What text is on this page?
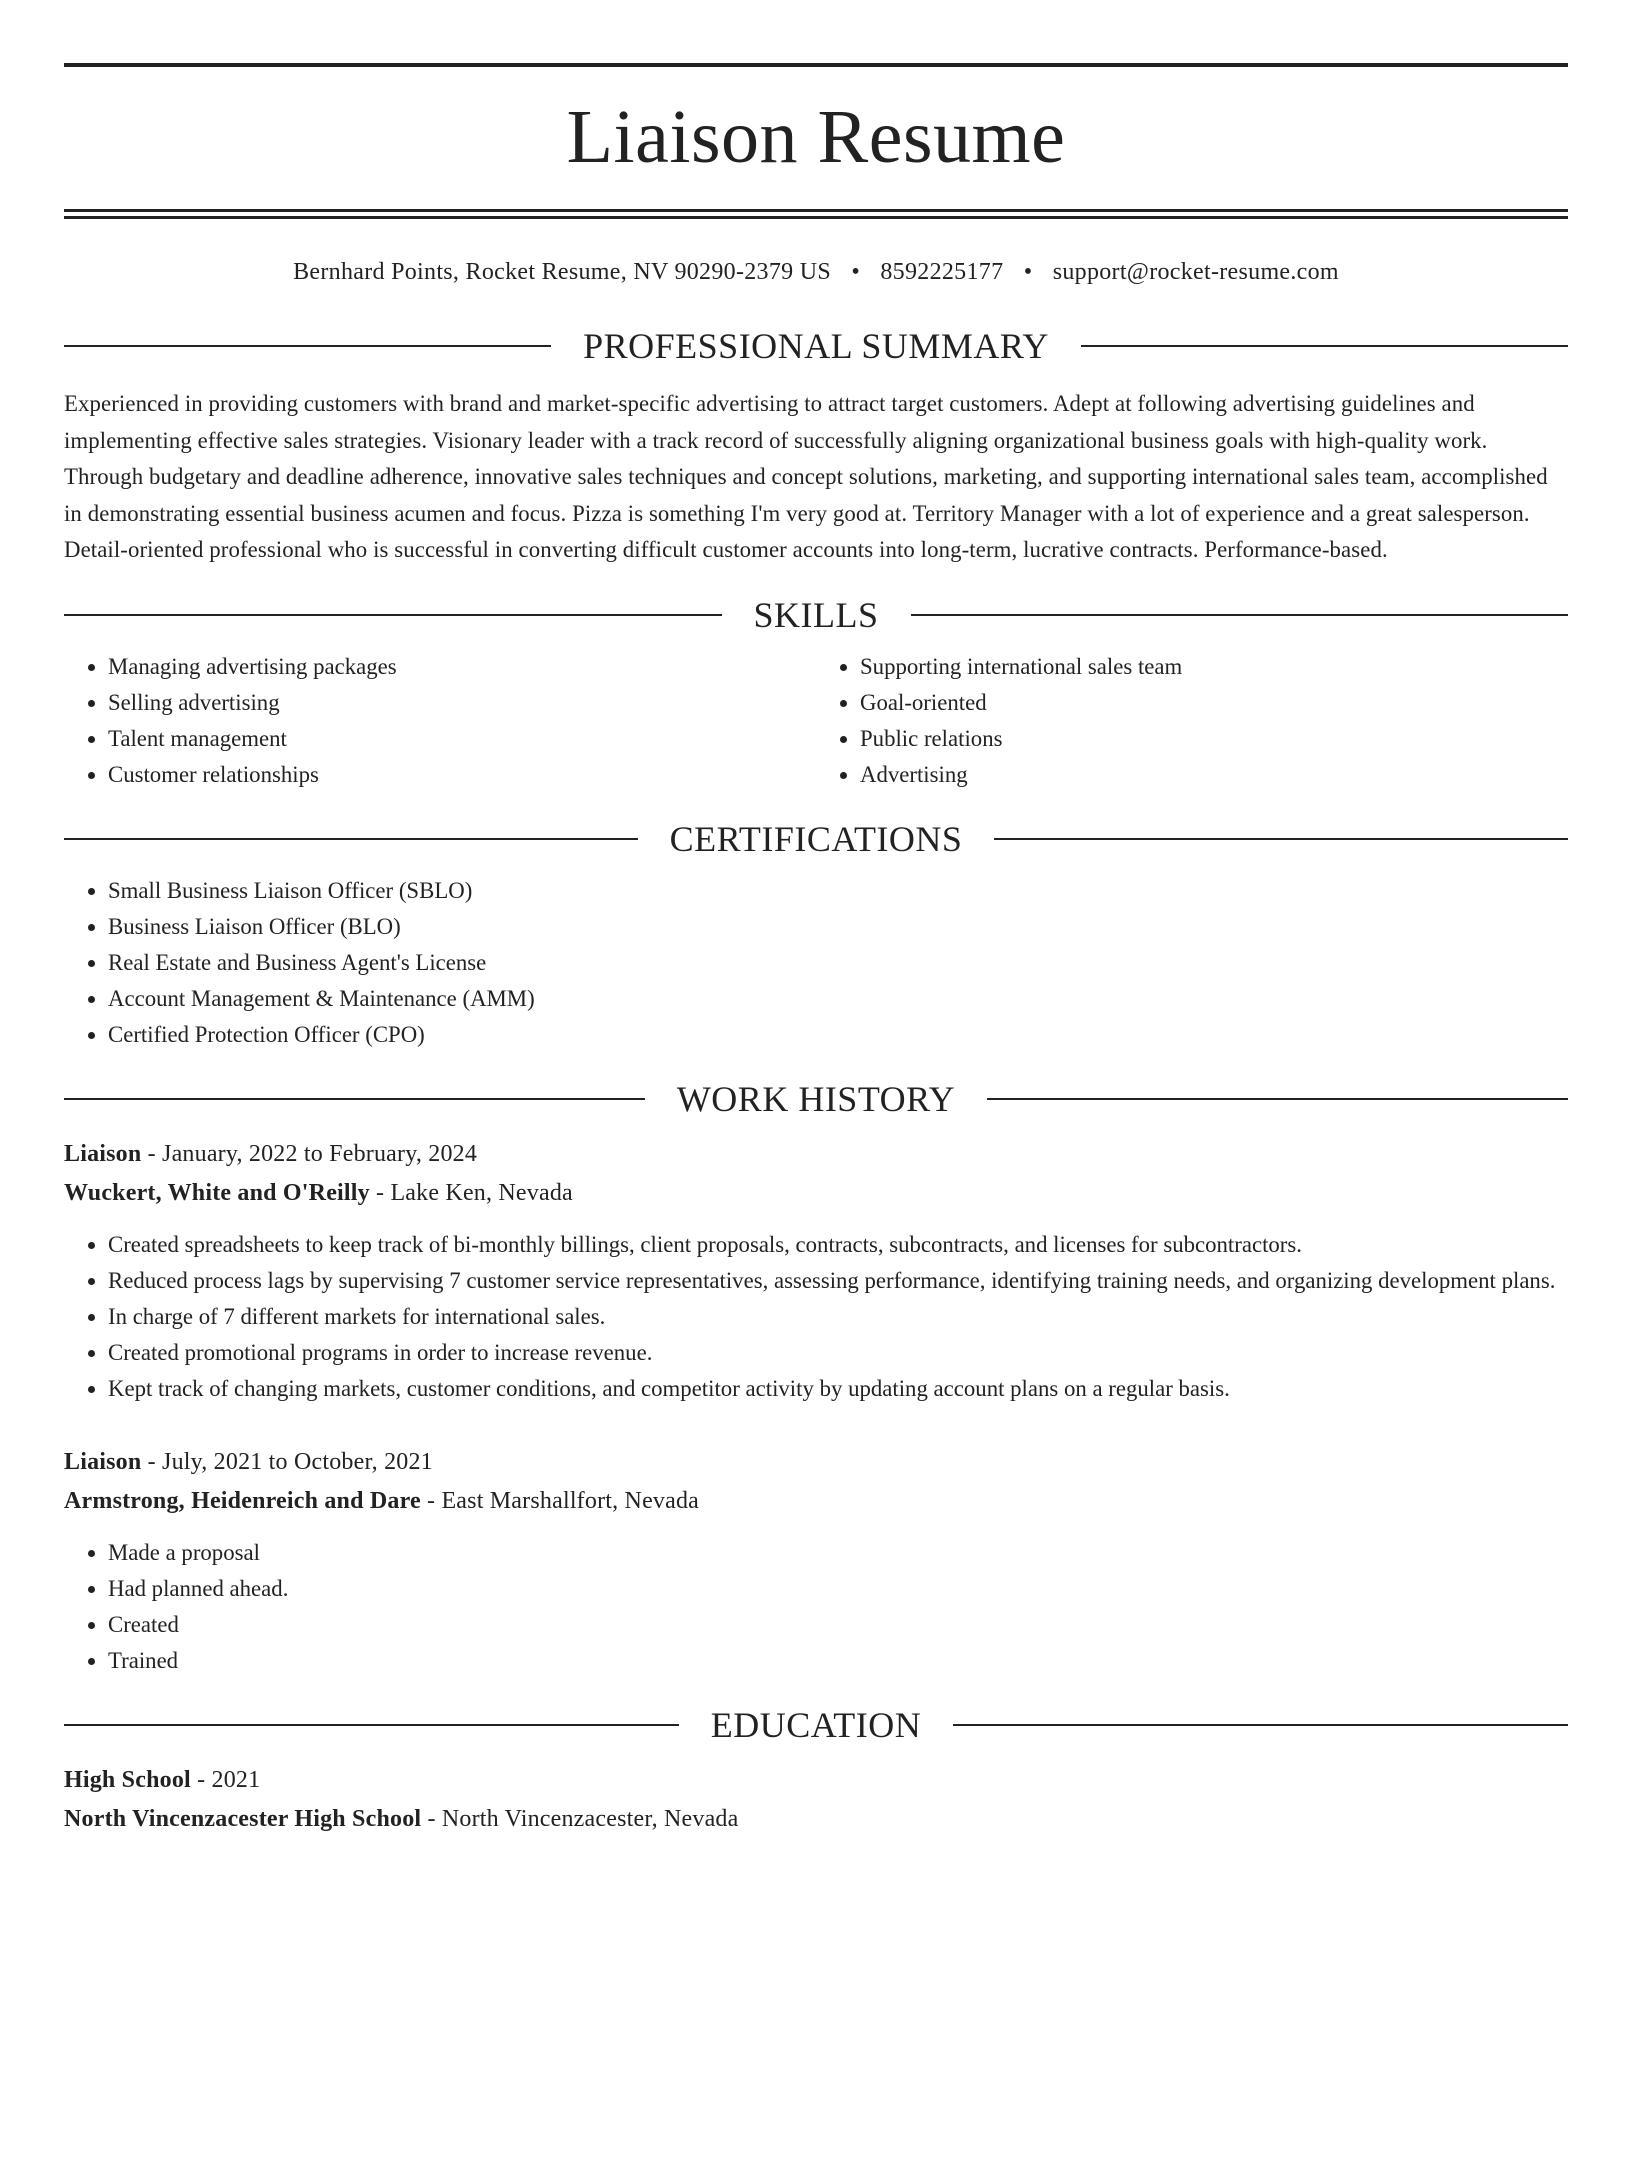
Liaison Resume
Bernhard Points, Rocket Resume, NV 90290-2379 US • 8592225177 • support@rocket-resume.com
PROFESSIONAL SUMMARY

Experienced in providing customers with brand and market-specific advertising to attract target customers. Adept at following advertising guidelines and implementing effective sales strategies. Visionary leader with a track record of successfully aligning organizational business goals with high-quality work. Through budgetary and deadline adherence, innovative sales techniques and concept solutions, marketing, and supporting international sales team, accomplished in demonstrating essential business acumen and focus. Pizza is something I'm very good at. Territory Manager with a lot of experience and a great salesperson. Detail-oriented professional who is successful in converting difficult customer accounts into long-term, lucrative contracts. Performance-based.

SKILLS
• Managing advertising packages
• Selling advertising
• Talent management
• Customer relationships
• Supporting international sales team
• Goal-oriented
• Public relations
• Advertising
CERTIFICATIONS
• Small Business Liaison Officer (SBLO)
• Business Liaison Officer (BLO)
• Real Estate and Business Agent's License
• Account Management & Maintenance (AMM)
• Certified Protection Officer (CPO)
WORK HISTORY
Liaison - January, 2022 to February, 2024
Wuckert, White and O'Reilly - Lake Ken, Nevada
• Created spreadsheets to keep track of bi-monthly billings, client proposals, contracts, subcontracts, and licenses for subcontractors.
• Reduced process lags by supervising 7 customer service representatives, assessing performance, identifying training needs, and organizing development plans.
• In charge of 7 different markets for international sales.
• Created promotional programs in order to increase revenue.
• Kept track of changing markets, customer conditions, and competitor activity by updating account plans on a regular basis.
Liaison - July, 2021 to October, 2021
Armstrong, Heidenreich and Dare - East Marshallfort, Nevada
• Made a proposal
• Had planned ahead.
• Created
• Trained
EDUCATION
High School - 2021
North Vincenzacester High School - North Vincenzacester, Nevada
